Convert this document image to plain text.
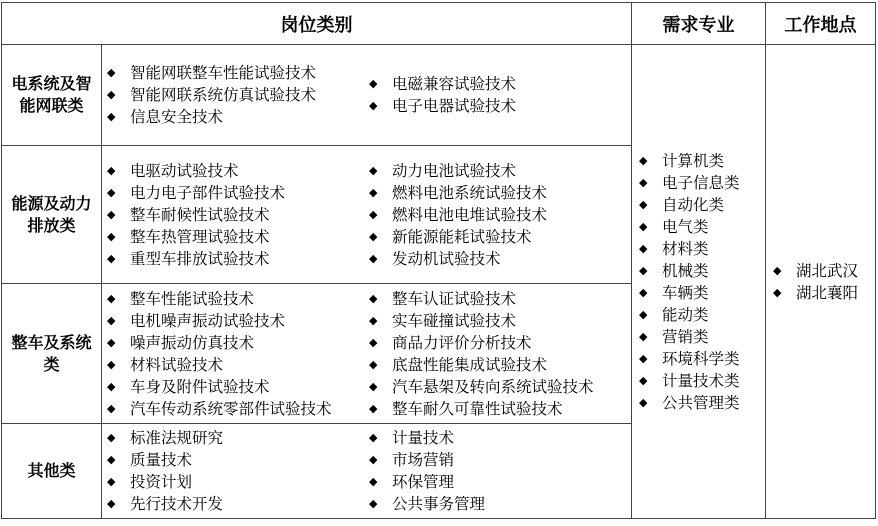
岗位类别	需求专业	工作地点
电系统及智能网联类
◆ 智能网联整车性能试验技术
◆ 智能网联系统仿真试验技术
◆ 信息安全技术
◆ 电磁兼容试验技术
◆ 电子电器试验技术
能源及动力排放类
◆ 电驱动试验技术
◆ 电力电子部件试验技术
◆ 整车耐候性试验技术
◆ 整车热管理试验技术
◆ 重型车排放试验技术
◆ 动力电池试验技术
◆ 燃料电池系统试验技术
◆ 燃料电池电堆试验技术
◆ 新能源能耗试验技术
◆ 发动机试验技术
整车及系统类
◆ 整车性能试验技术
◆ 电机噪声振动试验技术
◆ 噪声振动仿真技术
◆ 材料试验技术
◆ 车身及附件试验技术
◆ 汽车传动系统零部件试验技术
◆ 整车认证试验技术
◆ 实车碰撞试验技术
◆ 商品力评价分析技术
◆ 底盘性能集成试验技术
◆ 汽车悬架及转向系统试验技术
◆ 整车耐久可靠性试验技术
其他类
◆ 标准法规研究
◆ 质量技术
◆ 投资计划
◆ 先行技术开发
◆ 计量技术
◆ 市场营销
◆ 环保管理
◆ 公共事务管理
◆ 计算机类
◆ 电子信息类
◆ 自动化类
◆ 电气类
◆ 材料类
◆ 机械类
◆ 车辆类
◆ 能动类
◆ 营销类
◆ 环境科学类
◆ 计量技术类
◆ 公共管理类
◆ 湖北武汉
◆ 湖北襄阳
